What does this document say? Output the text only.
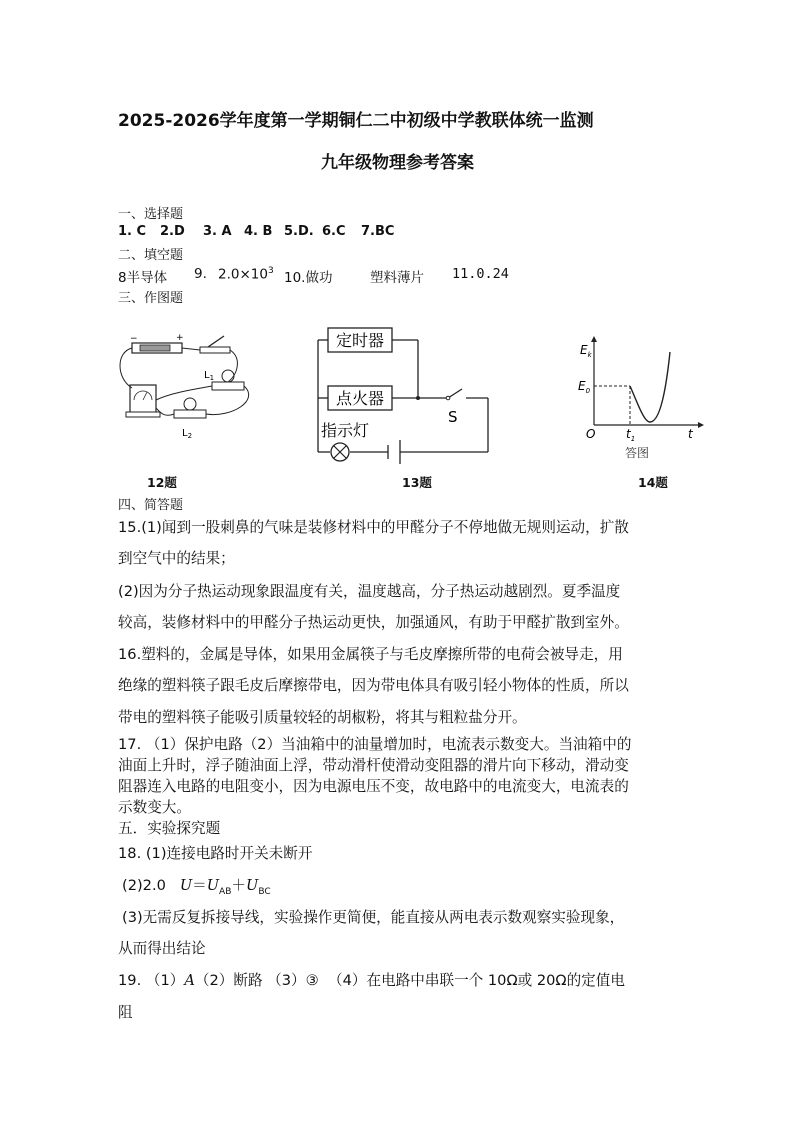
2025-2026学年度第一学期铜仁二中初级中学教联体统一监测
九年级物理参考答案
一、选择题
1. C 2.D 3. A 4. B 5.D. 6.C 7.BC
二、填空题
8半导体 9. $2.0\times 10^3$ 10.做功	塑料薄片 11.0.24
三、作图题
−	+
$L_1$
$L_2$
12题
定时器
点火器
指示灯
S
13题
$E_k$
$E_0$
O	$t_1$	t
答图
14题
四、简答题
15.(1)闻到一股刺鼻的气味是装修材料中的甲醛分子不停地做无规则运动，扩散
到空气中的结果；
(2)因为分子热运动现象跟温度有关，温度越高，分子热运动越剧烈。夏季温度
较高，装修材料中的甲醛分子热运动更快，加强通风，有助于甲醛扩散到室外。
16.塑料的，金属是导体，如果用金属筷子与毛皮摩擦所带的电荷会被导走，用
绝缘的塑料筷子跟毛皮后摩擦带电，因为带电体具有吸引轻小物体的性质，所以
带电的塑料筷子能吸引质量较轻的胡椒粉，将其与粗粒盐分开。
17. （1）保护电路（2）当油箱中的油量增加时，电流表示数变大。当油箱中的
油面上升时，浮子随油面上浮，带动滑杆使滑动变阻器的滑片向下移动，滑动变
阻器连入电路的电阻变小，因为电源电压不变，故电路中的电流变大，电流表的
示数变大。
五．实验探究题
18. (1)连接电路时开关未断开
(2)2.0 $U=U_{AB}+U_{BC}$
(3)无需反复拆接导线，实验操作更简便，能直接从两电表示数观察实验现象，
从而得出结论
19. （1）A（2）断路 （3）③ （4）在电路中串联一个 10Ω或 20Ω的定值电
阻
